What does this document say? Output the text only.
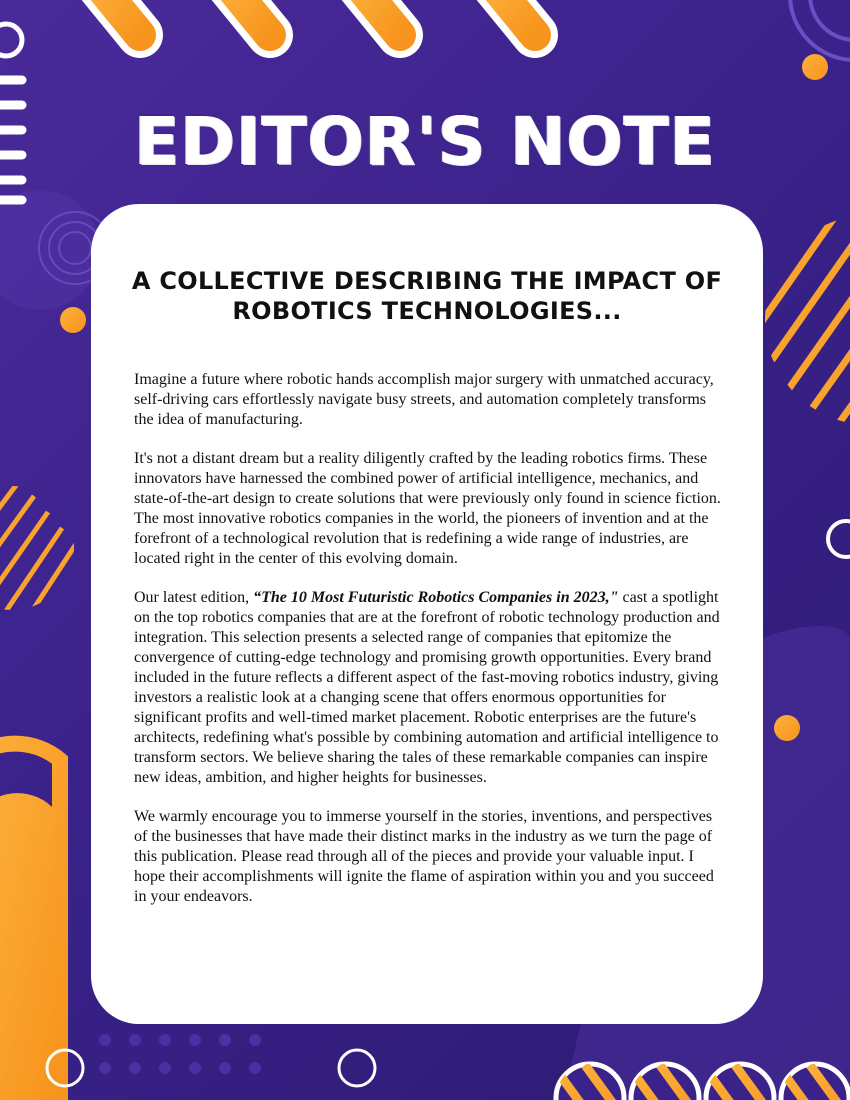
EDITOR'S NOTE
A COLLECTIVE DESCRIBING THE IMPACT OF
ROBOTICS TECHNOLOGIES...

Imagine a future where robotic hands accomplish major surgery with unmatched accuracy, self-driving cars effortlessly navigate busy streets, and automation completely transforms the idea of manufacturing.

It's not a distant dream but a reality diligently crafted by the leading robotics firms. These innovators have harnessed the combined power of artificial intelligence, mechanics, and state-of-the-art design to create solutions that were previously only found in science fiction. The most innovative robotics companies in the world, the pioneers of invention and at the forefront of a technological revolution that is redefining a wide range of industries, are located right in the center of this evolving domain.

Our latest edition, “The 10 Most Futuristic Robotics Companies in 2023," cast a spotlight on the top robotics companies that are at the forefront of robotic technology production and integration. This selection presents a selected range of companies that epitomize the convergence of cutting-edge technology and promising growth opportunities. Every brand included in the future reflects a different aspect of the fast-moving robotics industry, giving investors a realistic look at a changing scene that offers enormous opportunities for significant profits and well-timed market placement. Robotic enterprises are the future's architects, redefining what's possible by combining automation and artificial intelligence to transform sectors. We believe sharing the tales of these remarkable companies can inspire new ideas, ambition, and higher heights for businesses.

We warmly encourage you to immerse yourself in the stories, inventions, and perspectives of the businesses that have made their distinct marks in the industry as we turn the page of this publication. Please read through all of the pieces and provide your valuable input. I hope their accomplishments will ignite the flame of aspiration within you and you succeed in your endeavors.
